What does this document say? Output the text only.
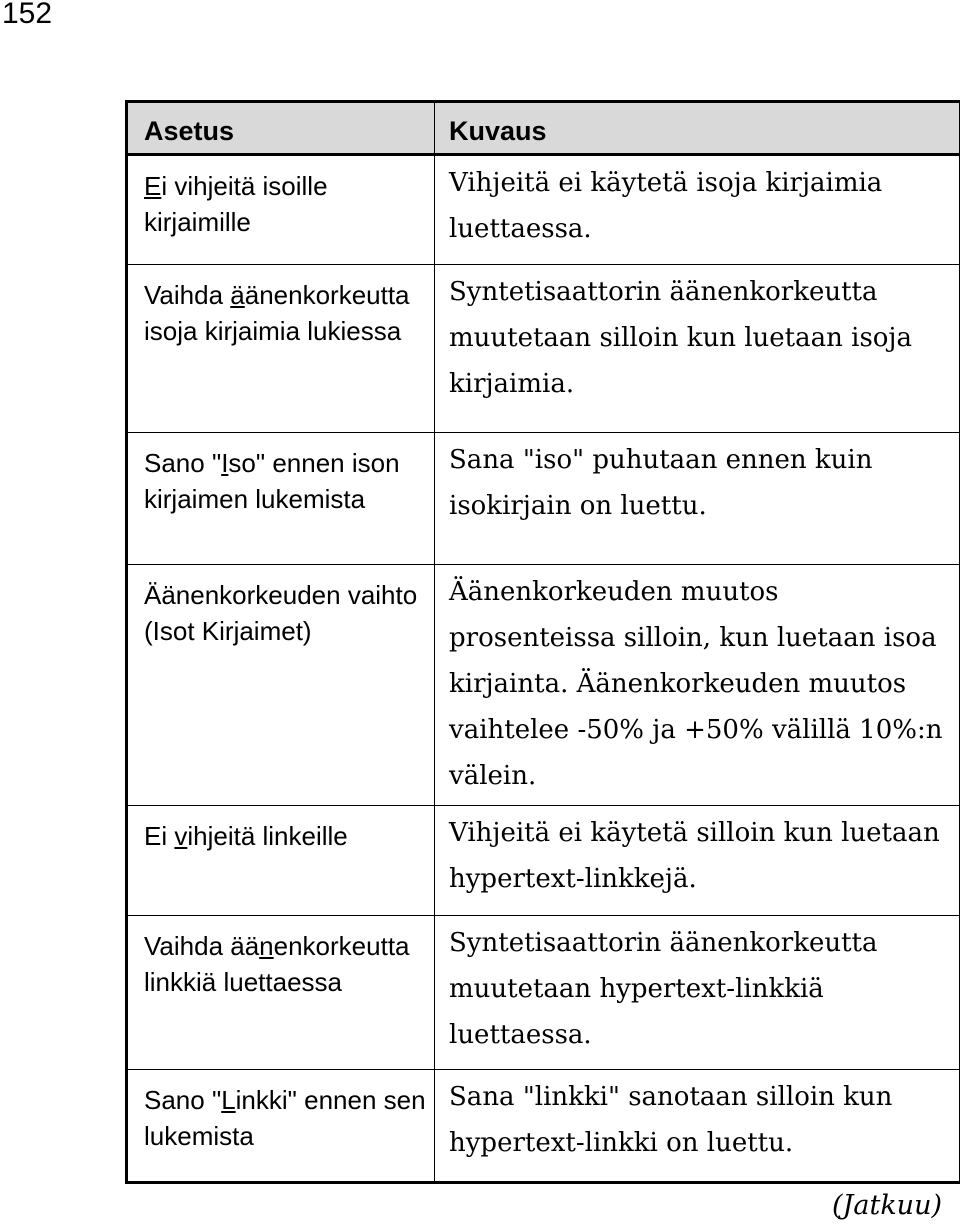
152
Asetus	Kuvaus
Ei vihjeitä isoille kirjaimille	Vihjeitä ei käytetä isoja kirjaimia luettaessa.
Vaihda äänenkorkeutta isoja kirjaimia lukiessa	Syntetisaattorin äänenkorkeutta muutetaan silloin kun luetaan isoja kirjaimia.
Sano "Iso" ennen ison kirjaimen lukemista	Sana "iso" puhutaan ennen kuin isokirjain on luettu.
Äänenkorkeuden vaihto (Isot Kirjaimet)	Äänenkorkeuden muutos prosenteissa silloin, kun luetaan isoa kirjainta. Äänenkorkeuden muutos vaihtelee -50% ja +50% välillä 10%:n välein.
Ei vihjeitä linkeille	Vihjeitä ei käytetä silloin kun luetaan hypertext-linkkejä.
Vaihda äänenkorkeutta linkkiä luettaessa	Syntetisaattorin äänenkorkeutta muutetaan hypertext-linkkiä luettaessa.
Sano "Linkki" ennen sen lukemista	Sana "linkki" sanotaan silloin kun hypertext-linkki on luettu.
(Jatkuu)
